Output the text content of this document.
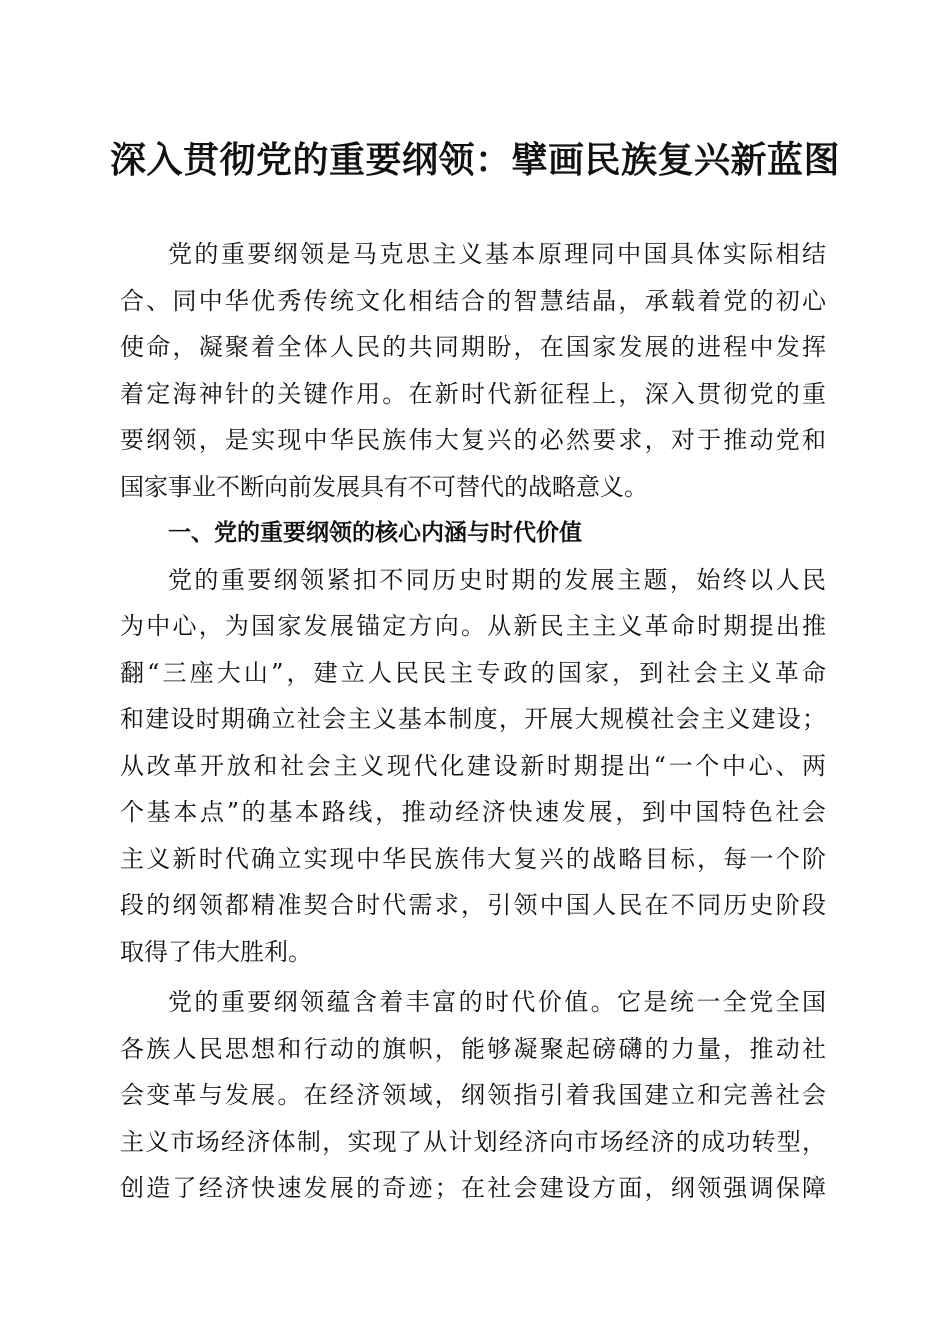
深入贯彻党的重要纲领：擘画民族复兴新蓝图
党的重要纲领是马克思主义基本原理同中国具体实际相结
合、同中华优秀传统文化相结合的智慧结晶，承载着党的初心
使命，凝聚着全体人民的共同期盼，在国家发展的进程中发挥
着定海神针的关键作用。在新时代新征程上，深入贯彻党的重
要纲领，是实现中华民族伟大复兴的必然要求，对于推动党和
国家事业不断向前发展具有不可替代的战略意义。
一、党的重要纲领的核心内涵与时代价值
党的重要纲领紧扣不同历史时期的发展主题，始终以人民
为中心，为国家发展锚定方向。从新民主主义革命时期提出推
翻“三座大山”，建立人民民主专政的国家，到社会主义革命
和建设时期确立社会主义基本制度，开展大规模社会主义建设；
从改革开放和社会主义现代化建设新时期提出“一个中心、两
个基本点”的基本路线，推动经济快速发展，到中国特色社会
主义新时代确立实现中华民族伟大复兴的战略目标，每一个阶
段的纲领都精准契合时代需求，引领中国人民在不同历史阶段
取得了伟大胜利。
党的重要纲领蕴含着丰富的时代价值。它是统一全党全国
各族人民思想和行动的旗帜，能够凝聚起磅礴的力量，推动社
会变革与发展。在经济领域，纲领指引着我国建立和完善社会
主义市场经济体制，实现了从计划经济向市场经济的成功转型，
创造了经济快速发展的奇迹；在社会建设方面，纲领强调保障
